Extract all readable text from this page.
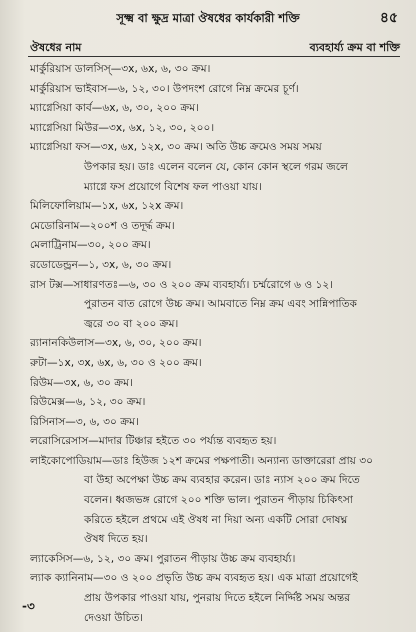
সূক্ষ্ম বা ক্ষুদ্র মাত্রা ঔষধের কার্যকারী শক্তি	৪৫
ঔষধের নাম	ব্যবহার্য্য ক্রম বা শক্তি
মার্কুরিয়াস ডালসিস্‌—৩x, ৬x, ৬, ৩০ ক্রম।
মার্কুরিয়াস ভাইবাস—৬, ১২, ৩০। উপদংশ রোগে নিম্ন ক্রমের চূর্ণ।
ম্যাগ্নেসিয়া কার্ব—৬x, ৬, ৩০, ২০০ ক্রম।
ম্যাগ্নেসিয়া মিউর—৩x, ৬x, ১২, ৩০, ২০০।
ম্যাগ্নেসিয়া ফস—৩x, ৬x, ১২x, ৩০ ক্রম। অতি উচ্চ ক্রমেও সময় সময়
উপকার হয়। ডাঃ এলেন বলেন যে, কোন কোন স্থলে গরম জলে
ম্যাগ্নে ফস প্রয়োগে বিশেষ ফল পাওয়া যায়।
মিলিফোলিয়াম—১x, ৬x, ১২x ক্রম।
মেডোরিনাম—২০০শ ও তদূর্দ্ধ ক্রম।
মেলাট্রিনাম—৩০, ২০০ ক্রম।
রডোডেন্ড্রন—১, ৩x, ৬, ৩০ ক্রম।
রাস টক্স—সাধারণতঃ—৬, ৩০ ও ২০০ ক্রম ব্যবহার্য্য। চর্ম্মরোগে ৬ ও ১২।
পুরাতন বাত রোগে উচ্চ ক্রম। আমবাতে নিম্ন ক্রম এবং সান্নিপাতিক
জ্বরে ৩০ বা ২০০ ক্রম।
র‍্যানানকিউলাস—৩x, ৬, ৩০, ২০০ ক্রম।
রুটা—১x, ৩x, ৬x, ৬, ৩০ ও ২০০ ক্রম।
রিউম—৩x, ৬, ৩০ ক্রম।
রিউমেক্স—৬, ১২, ৩০ ক্রম।
রিসিনাস—৩, ৬, ৩০ ক্রম।
লরোসিরেসাস—মাদার টিঞ্চার হইতে ৩০ পর্য্যন্ত ব্যবহৃত হয়।
লাইকোপোডিয়াম—ডাঃ হিউজ ১২শ ক্রমের পক্ষপাতী। অন্যান্য ডাক্তারেরা প্রায় ৩০
বা উহা অপেক্ষা উচ্চ ক্রম ব্যবহার করেন। ডাঃ ন্যাস ২০০ ক্রম দিতে
বলেন। ধ্বজভঙ্গ রোগে ২০০ শক্তি ভাল। পুরাতন পীড়ায় চিকিৎসা
করিতে হইলে প্রথমে এই ঔষধ না দিয়া অন্য একটি সোরা দোষঘ্ন
ঔষধ দিতে হয়।
ল্যাকেসিস—৬, ১২, ৩০ ক্রম। পুরাতন পীড়ায় উচ্চ ক্রম ব্যবহার্য্য।
ল্যাক ক্যানিনাম—৩০ ও ২০০ প্রভৃতি উচ্চ ক্রম ব্যবহৃত হয়। এক মাত্রা প্রয়োগেই
প্রায় উপকার পাওয়া যায়, পুনরায় দিতে হইলে নির্দ্দিষ্ট সময় অন্তর
দেওয়া উচিত।
-৩
